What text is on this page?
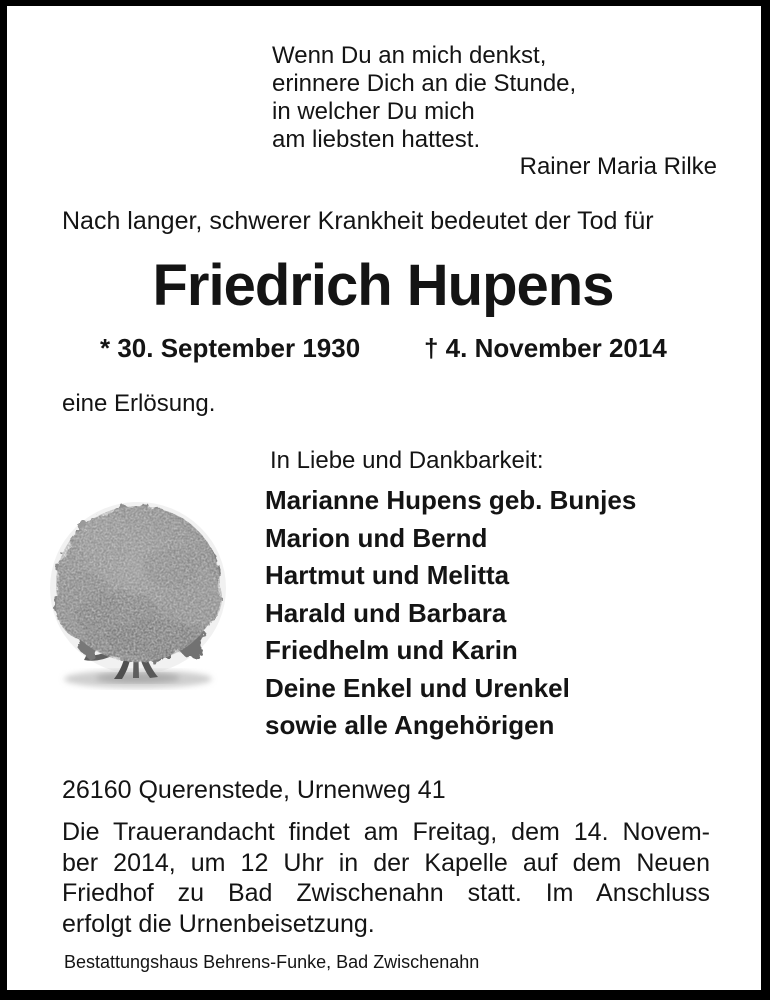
Wenn Du an mich denkst,
erinnere Dich an die Stunde,
in welcher Du mich
am liebsten hattest.
Rainer Maria Rilke
Nach langer, schwerer Krankheit bedeutet der Tod für
Friedrich Hupens
* 30. September 1930 † 4. November 2014
eine Erlösung.
In Liebe und Dankbarkeit:
Marianne Hupens geb. Bunjes
Marion und Bernd
Hartmut und Melitta
Harald und Barbara
Friedhelm und Karin
Deine Enkel und Urenkel
sowie alle Angehörigen
26160 Querenstede, Urnenweg 41
Die Trauerandacht findet am Freitag, dem 14. Novem-
ber 2014, um 12 Uhr in der Kapelle auf dem Neuen
Friedhof zu Bad Zwischenahn statt. Im Anschluss
erfolgt die Urnenbeisetzung.
Bestattungshaus Behrens-Funke, Bad Zwischenahn
